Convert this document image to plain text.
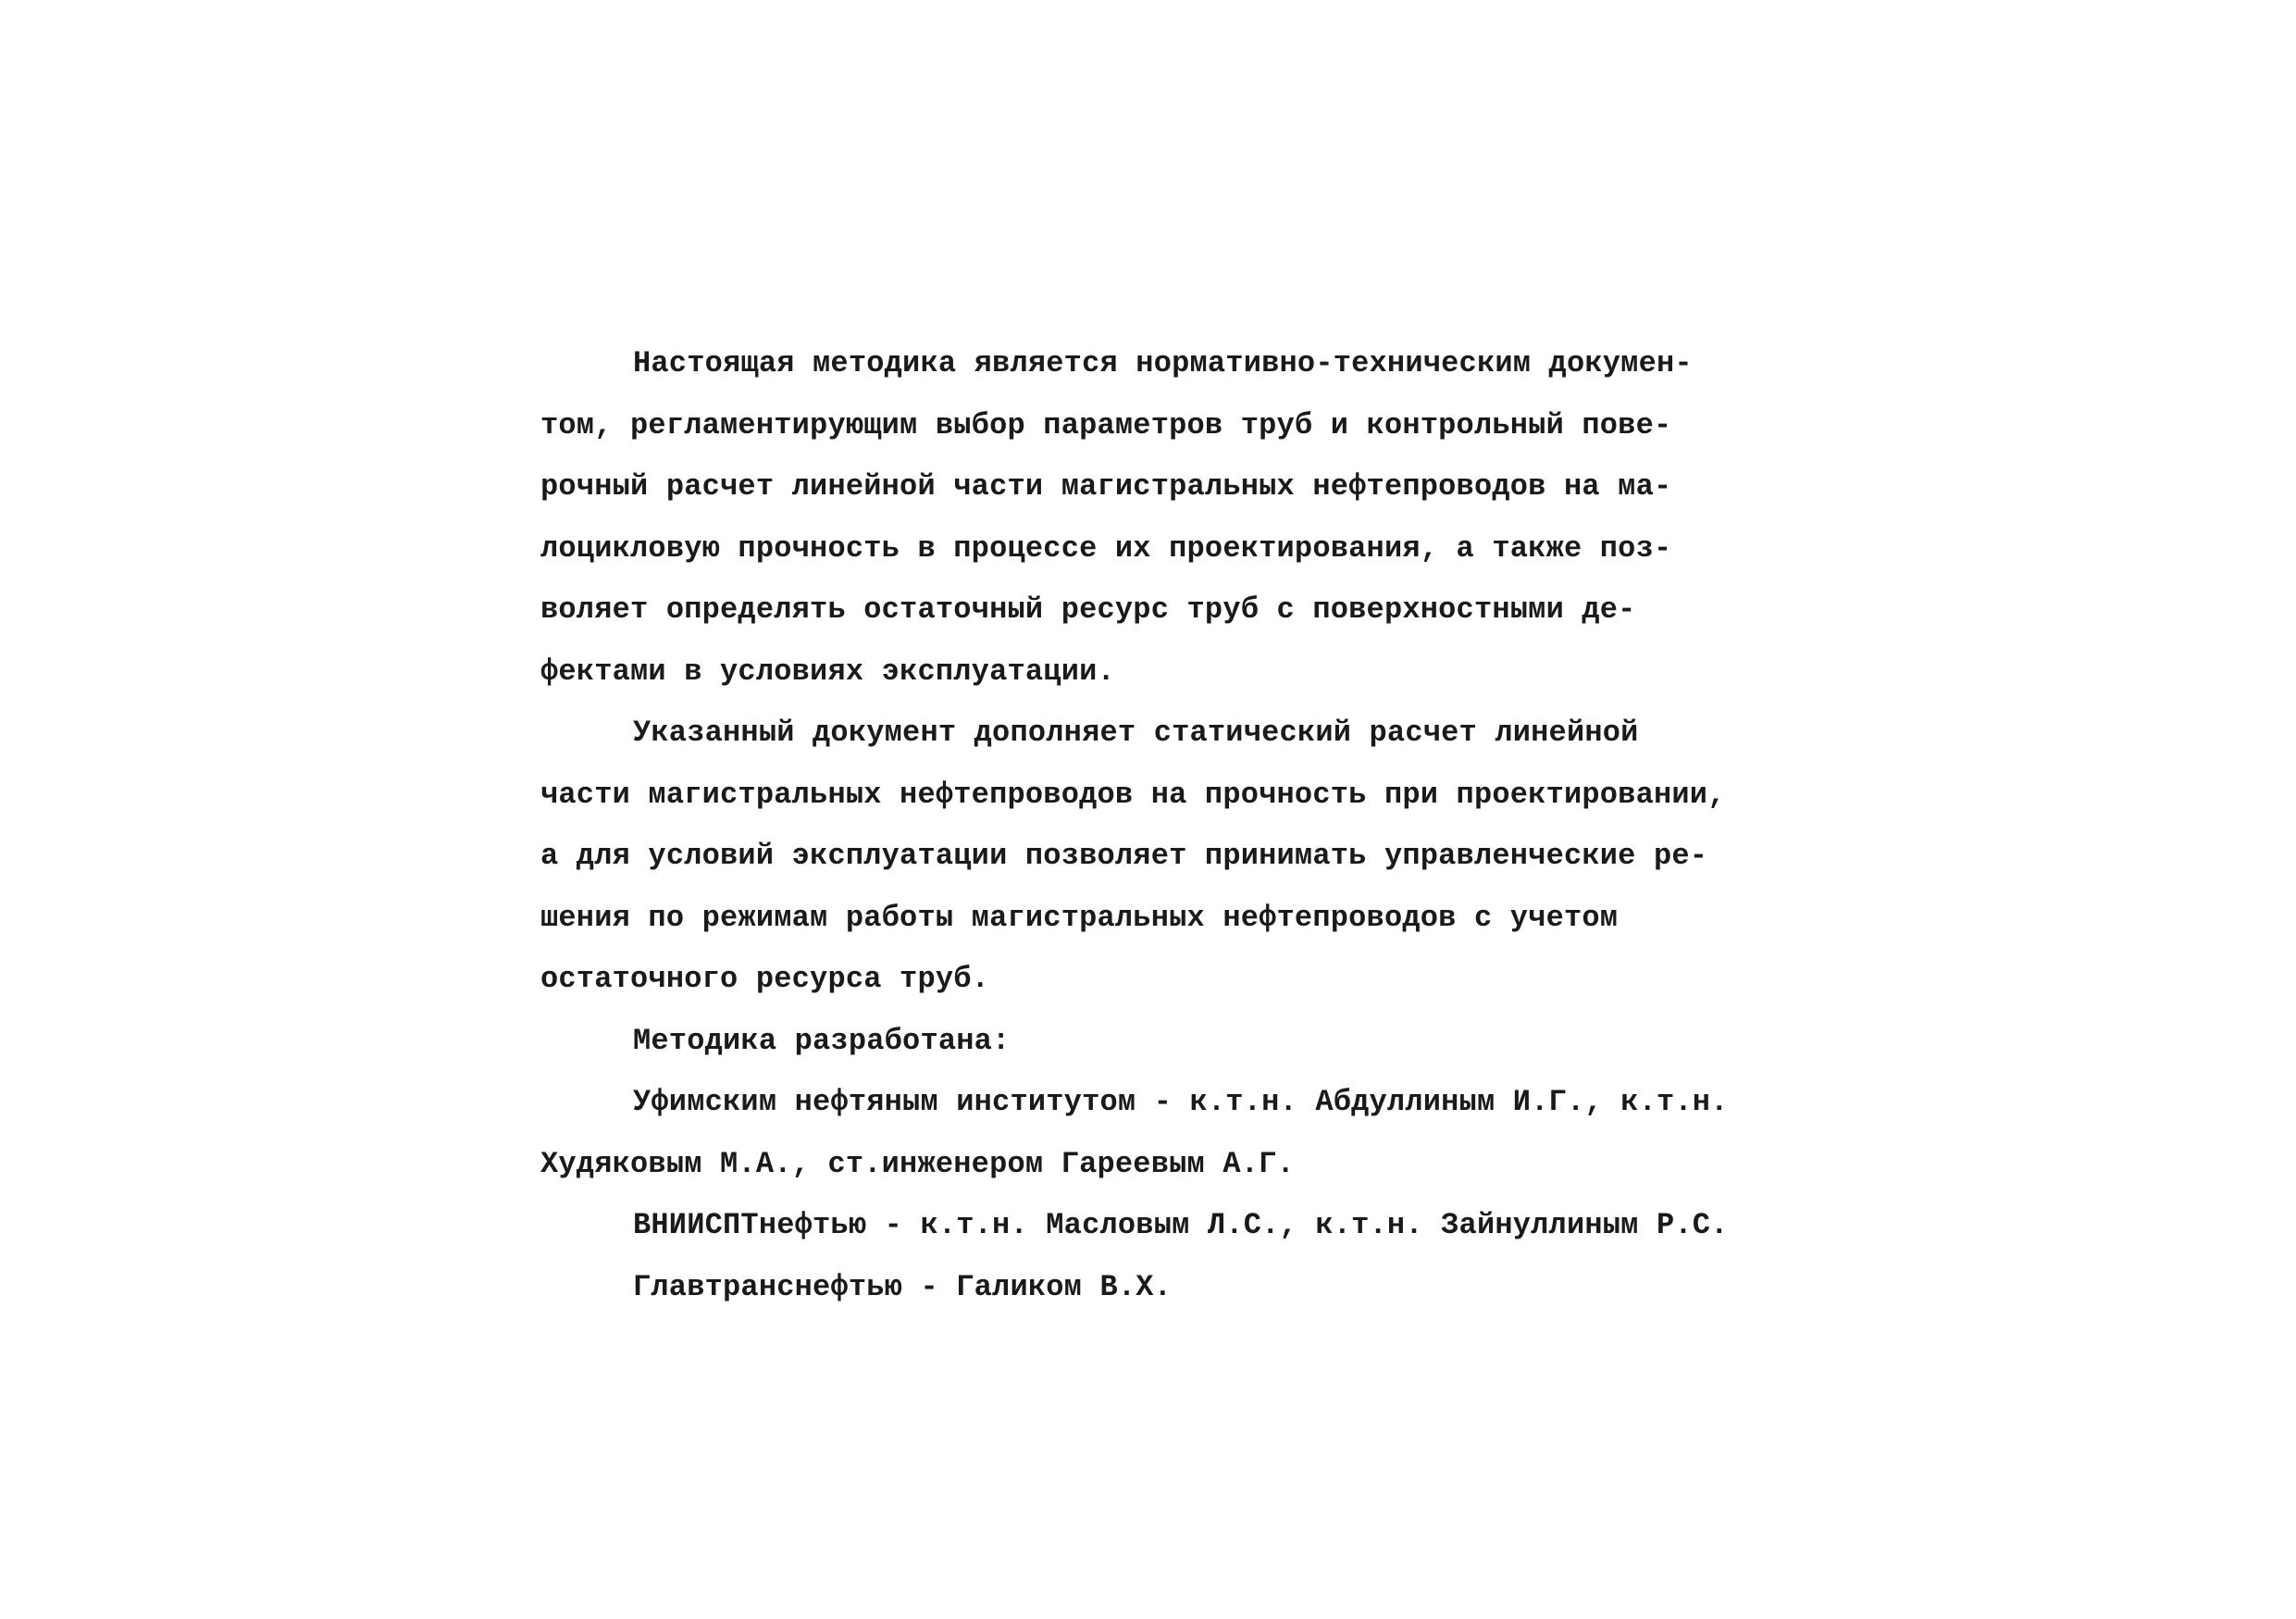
Настоящая методика является нормативно-техническим докумен-
том, регламентирующим выбор параметров труб и контрольный пове-
рочный расчет линейной части магистральных нефтепроводов на ма-
лоцикловую прочность в процессе их проектирования, а также поз-
воляет определять остаточный ресурс труб с поверхностными де-
фектами в условиях эксплуатации.
Указанный документ дополняет статический расчет линейной
части магистральных нефтепроводов на прочность при проектировании,
а для условий эксплуатации позволяет принимать управленческие ре-
шения по режимам работы магистральных нефтепроводов с учетом
остаточного ресурса труб.
Методика разработана:
Уфимским нефтяным институтом - к.т.н. Абдуллиным И.Г., к.т.н.
Худяковым М.А., ст.инженером Гареевым А.Г.
ВНИИСПТнефтью - к.т.н. Масловым Л.С., к.т.н. Зайнуллиным Р.С.
Главтранснефтью - Галиком В.Х.
